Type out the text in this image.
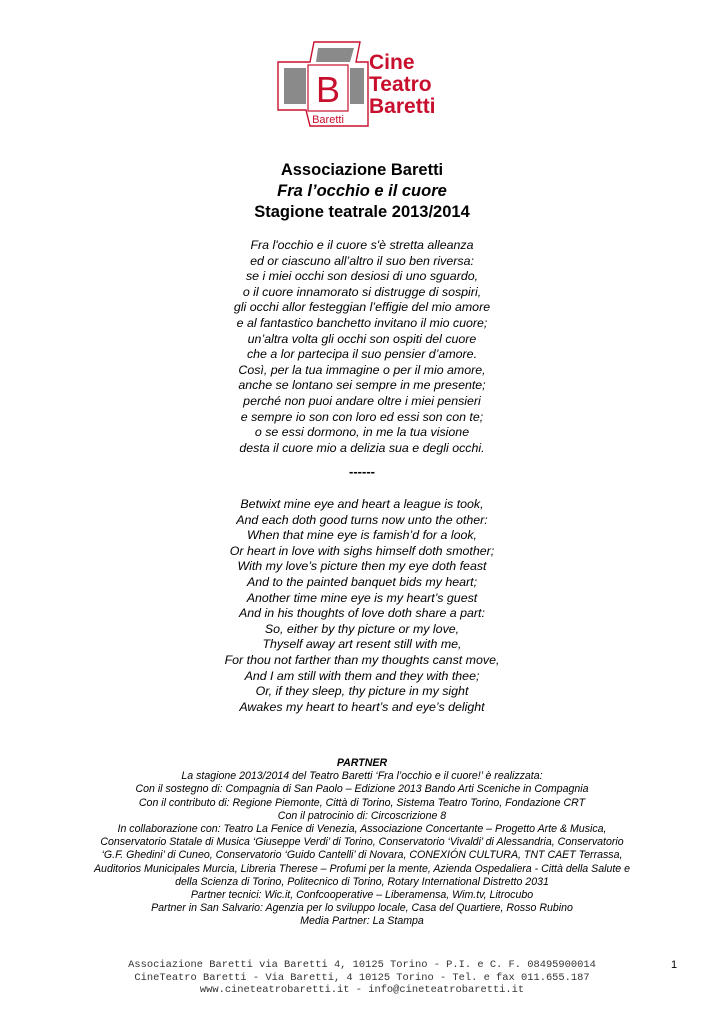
B
Baretti
Cine
Teatro
Baretti
Associazione Baretti
Fra l’occhio e il cuore
Stagione teatrale 2013/2014
Fra l'occhio e il cuore s'è stretta alleanza
ed or ciascuno all’altro il suo ben riversa:
se i miei occhi son desiosi di uno sguardo,
o il cuore innamorato si distrugge di sospiri,
gli occhi allor festeggian l’effigie del mio amore
e al fantastico banchetto invitano il mio cuore;
un’altra volta gli occhi son ospiti del cuore
che a lor partecipa il suo pensier d’amore.
Così, per la tua immagine o per il mio amore,
anche se lontano sei sempre in me presente;
perché non puoi andare oltre i miei pensieri
e sempre io son con loro ed essi son con te;
o se essi dormono, in me la tua visione
desta il cuore mio a delizia sua e degli occhi.
------
Betwixt mine eye and heart a league is took,
And each doth good turns now unto the other:
When that mine eye is famish’d for a look,
Or heart in love with sighs himself doth smother;
With my love’s picture then my eye doth feast
And to the painted banquet bids my heart;
Another time mine eye is my heart’s guest
And in his thoughts of love doth share a part:
So, either by thy picture or my love,
Thyself away art resent still with me,
For thou not farther than my thoughts canst move,
And I am still with them and they with thee;
Or, if they sleep, thy picture in my sight
Awakes my heart to heart’s and eye’s delight
PARTNER
La stagione 2013/2014 del Teatro Baretti ‘Fra l’occhio e il cuore!’ è realizzata:
Con il sostegno di: Compagnia di San Paolo – Edizione 2013 Bando Arti Sceniche in Compagnia
Con il contributo di: Regione Piemonte, Città di Torino, Sistema Teatro Torino, Fondazione CRT
Con il patrocinio di: Circoscrizione 8
In collaborazione con: Teatro La Fenice di Venezia, Associazione Concertante – Progetto Arte & Musica,
Conservatorio Statale di Musica ‘Giuseppe Verdi’ di Torino, Conservatorio ‘Vivaldi’ di Alessandria, Conservatorio
‘G.F. Ghedini’ di Cuneo, Conservatorio ‘Guido Cantelli’ di Novara, CONEXIÓN CULTURA, TNT CAET Terrassa,
Auditorios Municipales Murcia, Libreria Therese – Profumi per la mente, Azienda Ospedaliera - Città della Salute e
della Scienza di Torino, Politecnico di Torino, Rotary International Distretto 2031
Partner tecnici: Wic.it, Confcooperative – Liberamensa, Wim.tv, Litrocubo
Partner in San Salvario: Agenzia per lo sviluppo locale, Casa del Quartiere, Rosso Rubino
Media Partner: La Stampa
Associazione Baretti via Baretti 4, 10125 Torino - P.I. e C. F. 08495900014
CineTeatro Baretti - Via Baretti, 4 10125 Torino - Tel. e fax 011.655.187
www.cineteatrobaretti.it - info@cineteatrobaretti.it
1
